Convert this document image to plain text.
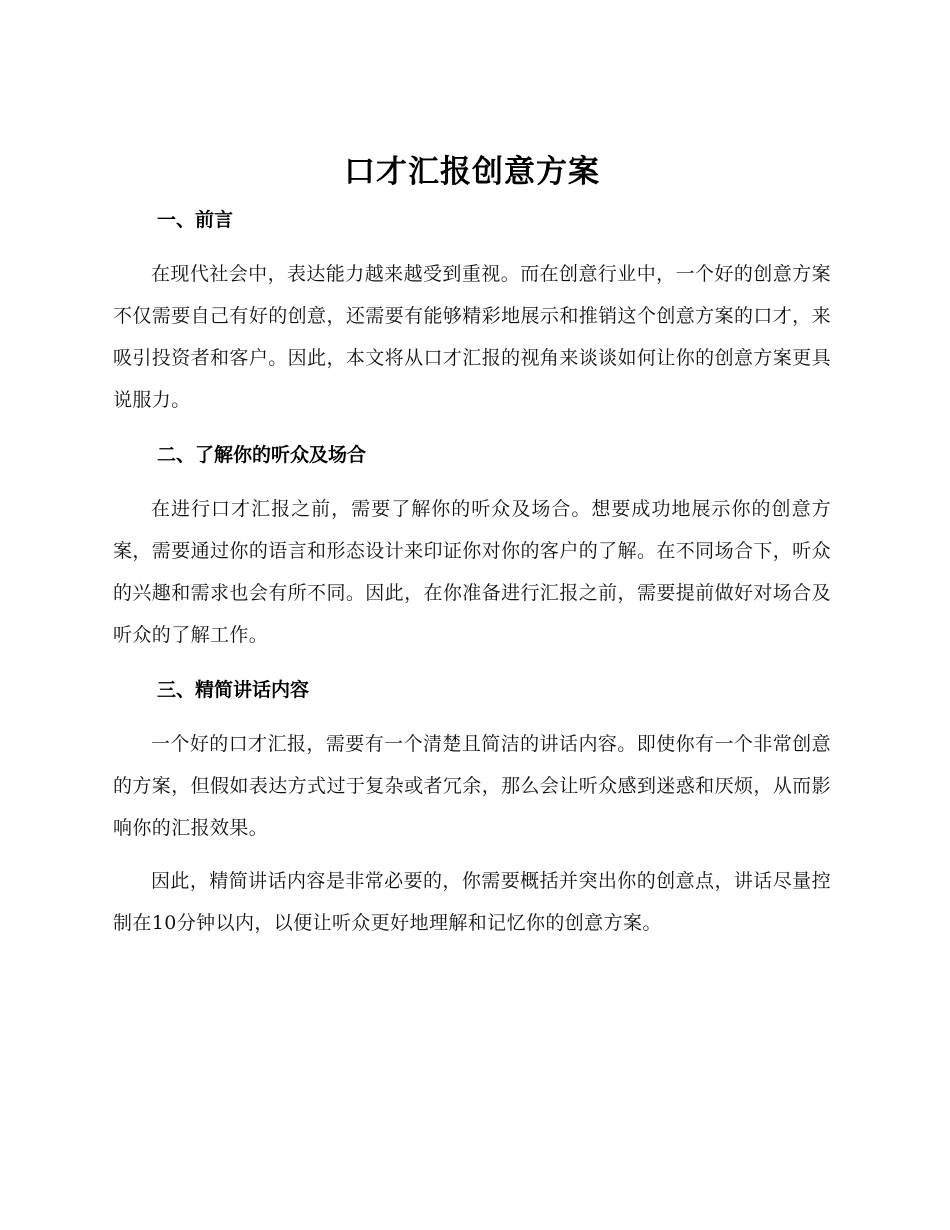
口才汇报创意方案
一、前言

在现代社会中，表达能力越来越受到重视。而在创意行业中，一个好的创意方案不仅需要自己有好的创意，还需要有能够精彩地展示和推销这个创意方案的口才，来吸引投资者和客户。因此，本文将从口才汇报的视角来谈谈如何让你的创意方案更具说服力。

二、了解你的听众及场合

在进行口才汇报之前，需要了解你的听众及场合。想要成功地展示你的创意方案，需要通过你的语言和形态设计来印证你对你的客户的了解。在不同场合下，听众的兴趣和需求也会有所不同。因此，在你准备进行汇报之前，需要提前做好对场合及听众的了解工作。

三、精简讲话内容

一个好的口才汇报，需要有一个清楚且简洁的讲话内容。即使你有一个非常创意的方案，但假如表达方式过于复杂或者冗余，那么会让听众感到迷惑和厌烦，从而影响你的汇报效果。

因此，精简讲话内容是非常必要的，你需要概括并突出你的创意点，讲话尽量控制在10分钟以内，以便让听众更好地理解和记忆你的创意方案。
